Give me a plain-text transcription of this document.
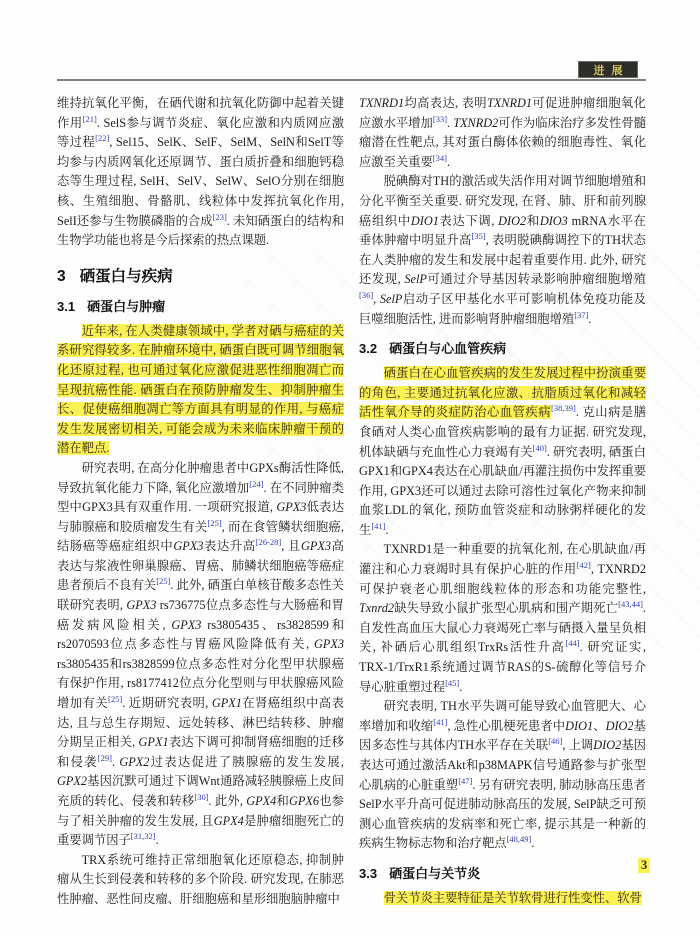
进展

维持抗氧化平衡，在硒代谢和抗氧化防御中起着关键作用[21]. SelS参与调节炎症、氧化应激和内质网应激等过程[22], Sel15、SelK、SelF、SelM、SelN和SelT等均参与内质网氧化还原调节、蛋白质折叠和细胞钙稳态等生理过程, SelH、SelV、SelW、SelO分别在细胞核、生殖细胞、骨骼肌、线粒体中发挥抗氧化作用, SelI还参与生物膜磷脂的合成[23]. 未知硒蛋白的结构和生物学功能也将是今后探索的热点课题.

3 硒蛋白与疾病
3.1 硒蛋白与肿瘤

近年来, 在人类健康领域中, 学者对硒与癌症的关系研究得较多. 在肿瘤环境中, 硒蛋白既可调节细胞氧化还原过程, 也可通过氧化应激促进恶性细胞凋亡而呈现抗癌性能. 硒蛋白在预防肿瘤发生、抑制肿瘤生长、促使癌细胞凋亡等方面具有明显的作用, 与癌症发生发展密切相关, 可能会成为未来临床肿瘤干预的潜在靶点.

研究表明, 在高分化肿瘤患者中GPXs酶活性降低, 导致抗氧化能力下降, 氧化应激增加[24]. 在不同肿瘤类型中GPX3具有双重作用. 一项研究报道, GPX3低表达与肺腺癌和胶质瘤发生有关[25], 而在食管鳞状细胞癌, 结肠癌等癌症组织中GPX3表达升高[26-28], 且GPX3高表达与浆液性卵巢腺癌、胃癌、肺鳞状细胞癌等癌症患者预后不良有关[25]. 此外, 硒蛋白单核苷酸多态性关联研究表明, GPX3 rs736775位点多态性与大肠癌和胃癌发病风险相关, GPX3 rs3805435、rs3828599和rs2070593位点多态性与胃癌风险降低有关, GPX3 rs3805435和rs3828599位点多态性对分化型甲状腺癌有保护作用, rs8177412位点分化型则与甲状腺癌风险增加有关[25]. 近期研究表明, GPX1在肾癌组织中高表达, 且与总生存期短、远处转移、淋巴结转移、肿瘤分期呈正相关, GPX1表达下调可抑制肾癌细胞的迁移和侵袭[29]. GPX2过表达促进了胰腺癌的发生发展, GPX2基因沉默可通过下调Wnt通路减轻胰腺癌上皮间充质的转化、侵袭和转移[30]. 此外, GPX4和GPX6也参与了相关肿瘤的发生发展, 且GPX4是肿瘤细胞死亡的重要调节因子[31,32].

TRX系统可维持正常细胞氧化还原稳态, 抑制肿瘤从生长到侵袭和转移的多个阶段. 研究发现, 在肺恶性肿瘤、恶性间皮瘤、肝细胞癌和星形细胞脑肿瘤中

TXNRD1均高表达, 表明TXNRD1可促进肿瘤细胞氧化应激水平增加[33]. TXNRD2可作为临床治疗多发性骨髓瘤潜在性靶点, 其对蛋白酶体依赖的细胞毒性、氧化应激至关重要[34].

脱碘酶对TH的激活或失活作用对调节细胞增殖和分化平衡至关重要. 研究发现, 在肾、肺、肝和前列腺癌组织中DIO1表达下调, DIO2和DIO3 mRNA水平在垂体肿瘤中明显升高[35], 表明脱碘酶调控下的TH状态在人类肿瘤的发生和发展中起着重要作用. 此外, 研究还发现, SelP可通过介导基因转录影响肿瘤细胞增殖[36], SelP启动子区甲基化水平可影响机体免疫功能及巨噬细胞活性, 进而影响肾肿瘤细胞增殖[37].

3.2 硒蛋白与心血管疾病

硒蛋白在心血管疾病的发生发展过程中扮演重要的角色, 主要通过抗氧化应激、抗脂质过氧化和减轻活性氧介导的炎症防治心血管疾病[38,39]. 克山病是膳食硒对人类心血管疾病影响的最有力证据. 研究发现, 机体缺硒与充血性心力衰竭有关[40]. 研究表明, 硒蛋白GPX1和GPX4表达在心肌缺血/再灌注损伤中发挥重要作用, GPX3还可以通过去除可溶性过氧化产物来抑制血浆LDL的氧化, 预防血管炎症和动脉粥样硬化的发生[41].

TXNRD1是一种重要的抗氧化剂, 在心肌缺血/再灌注和心力衰竭时具有保护心脏的作用[42], TXNRD2可保护衰老心肌细胞线粒体的形态和功能完整性, Txnrd2缺失导致小鼠扩张型心肌病和围产期死亡[43,44]. 自发性高血压大鼠心力衰竭死亡率与硒摄入量呈负相关, 补硒后心肌组织TrxRs活性升高[44]. 研究证实, TRX-1/TrxR1系统通过调节RAS的S-硫醇化等信号介导心脏重塑过程[45].

研究表明, TH水平失调可能导致心血管肥大、心率增加和收缩[41], 急性心肌梗死患者中DIO1、DIO2基因多态性与其体内TH水平存在关联[46], 上调DIO2基因表达可通过激活Akt和p38MAPK信号通路参与扩张型心肌病的心脏重塑[47]. 另有研究表明, 肺动脉高压患者SelP水平升高可促进肺动脉高压的发展, SelP缺乏可预测心血管疾病的发病率和死亡率, 提示其是一种新的疾病生物标志物和治疗靶点[48,49].

3.3 硒蛋白与关节炎

骨关节炎主要特征是关节软骨进行性变性、软骨

3
